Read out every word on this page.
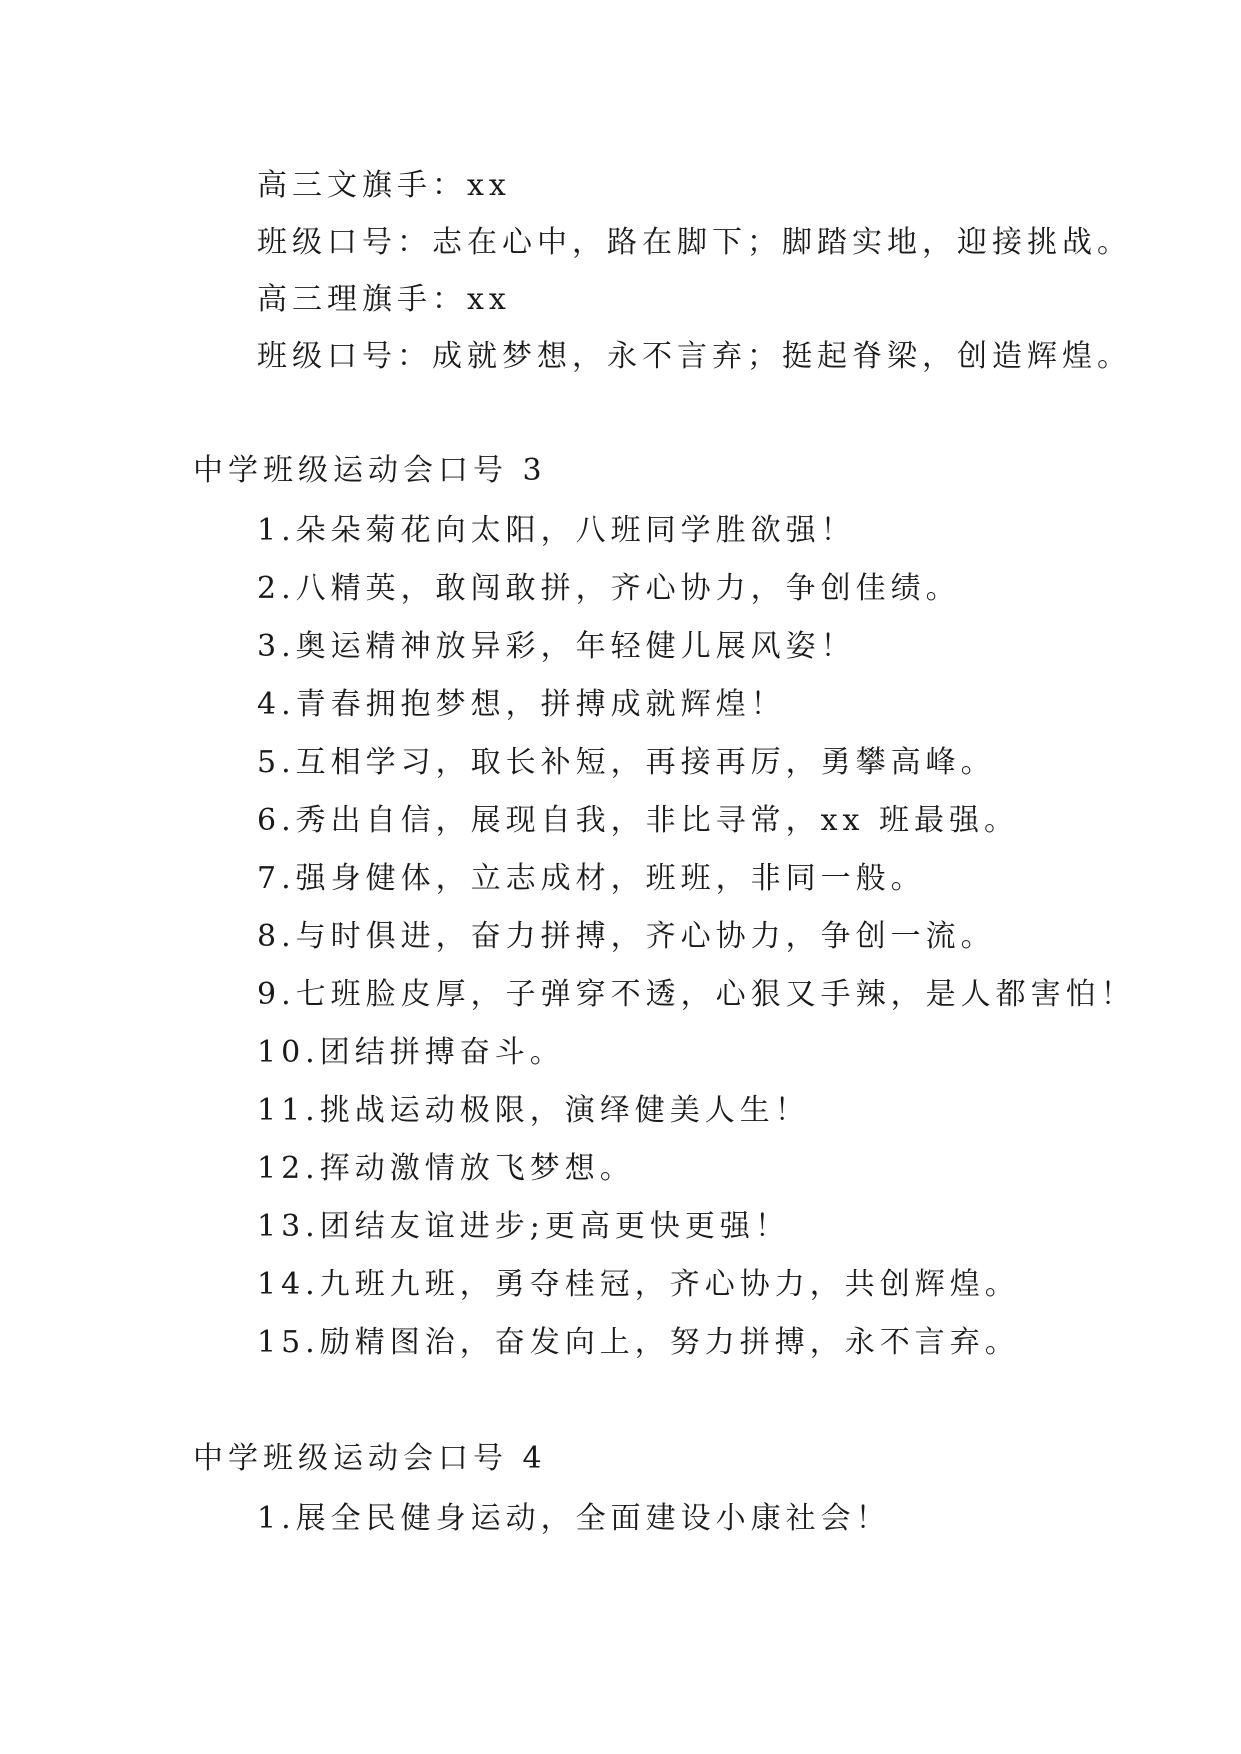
高三文旗手：xx
班级口号：志在心中，路在脚下；脚踏实地，迎接挑战。
高三理旗手：xx
班级口号：成就梦想，永不言弃；挺起脊梁，创造辉煌。
中学班级运动会口号 3
1.朵朵菊花向太阳，八班同学胜欲强！
2.八精英，敢闯敢拼，齐心协力，争创佳绩。
3.奥运精神放异彩，年轻健儿展风姿！
4.青春拥抱梦想，拼搏成就辉煌！
5.互相学习，取长补短，再接再厉，勇攀高峰。
6.秀出自信，展现自我，非比寻常，xx 班最强。
7.强身健体，立志成材，班班，非同一般。
8.与时俱进，奋力拼搏，齐心协力，争创一流。
9.七班脸皮厚，子弹穿不透，心狠又手辣，是人都害怕！
10.团结拼搏奋斗。
11.挑战运动极限，演绎健美人生！
12.挥动激情放飞梦想。
13.团结友谊进步;更高更快更强！
14.九班九班，勇夺桂冠，齐心协力，共创辉煌。
15.励精图治，奋发向上，努力拼搏，永不言弃。
中学班级运动会口号 4
1.展全民健身运动，全面建设小康社会！
